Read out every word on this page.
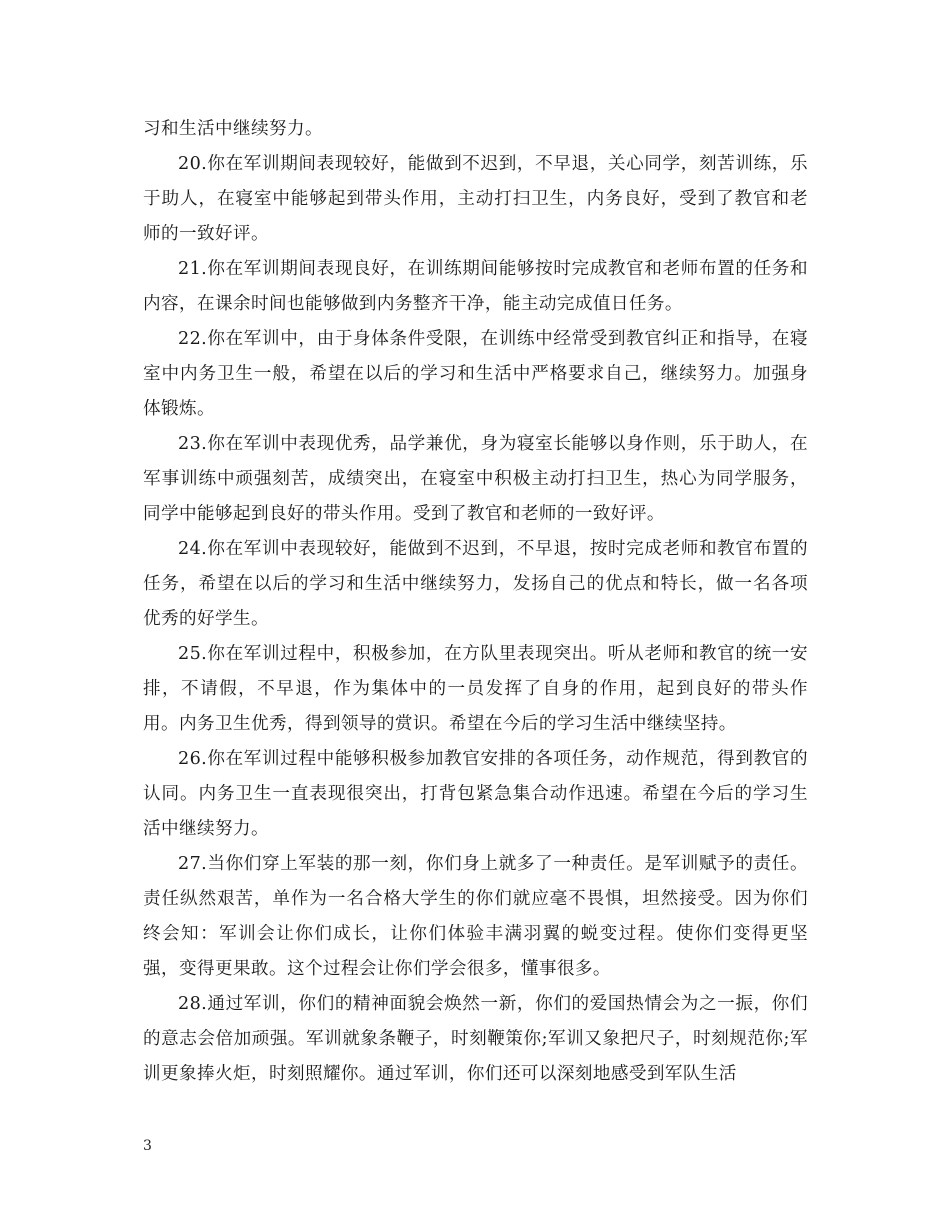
习和生活中继续努力。

20.你在军训期间表现较好，能做到不迟到，不早退，关心同学，刻苦训练，乐于助人，在寝室中能够起到带头作用，主动打扫卫生，内务良好，受到了教官和老师的一致好评。

21.你在军训期间表现良好，在训练期间能够按时完成教官和老师布置的任务和内容，在课余时间也能够做到内务整齐干净，能主动完成值日任务。

22.你在军训中，由于身体条件受限，在训练中经常受到教官纠正和指导，在寝室中内务卫生一般，希望在以后的学习和生活中严格要求自己，继续努力。加强身体锻炼。

23.你在军训中表现优秀，品学兼优，身为寝室长能够以身作则，乐于助人，在军事训练中顽强刻苦，成绩突出，在寝室中积极主动打扫卫生，热心为同学服务，同学中能够起到良好的带头作用。受到了教官和老师的一致好评。

24.你在军训中表现较好，能做到不迟到，不早退，按时完成老师和教官布置的任务，希望在以后的学习和生活中继续努力，发扬自己的优点和特长，做一名各项优秀的好学生。

25.你在军训过程中，积极参加，在方队里表现突出。听从老师和教官的统一安排，不请假，不早退，作为集体中的一员发挥了自身的作用，起到良好的带头作用。内务卫生优秀，得到领导的赏识。希望在今后的学习生活中继续坚持。

26.你在军训过程中能够积极参加教官安排的各项任务，动作规范，得到教官的认同。内务卫生一直表现很突出，打背包紧急集合动作迅速。希望在今后的学习生活中继续努力。

27.当你们穿上军装的那一刻，你们身上就多了一种责任。是军训赋予的责任。责任纵然艰苦，单作为一名合格大学生的你们就应毫不畏惧，坦然接受。因为你们终会知：军训会让你们成长，让你们体验丰满羽翼的蜕变过程。使你们变得更坚强，变得更果敢。这个过程会让你们学会很多，懂事很多。

28.通过军训，你们的精神面貌会焕然一新，你们的爱国热情会为之一振，你们的意志会倍加顽强。军训就象条鞭子，时刻鞭策你;军训又象把尺子，时刻规范你;军训更象捧火炬，时刻照耀你。通过军训，你们还可以深刻地感受到军队生活

3
